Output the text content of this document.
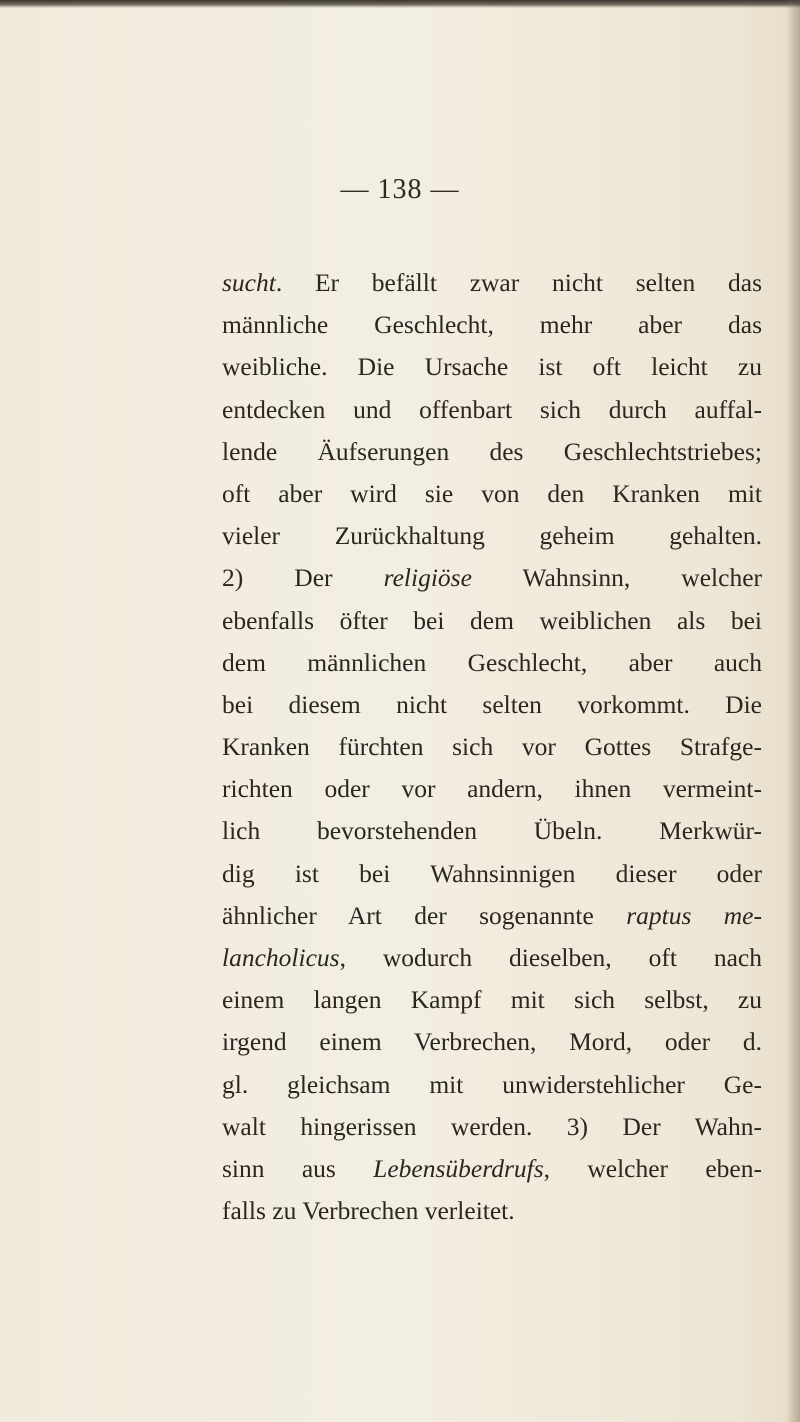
— 138 —
sucht. Er befällt zwar nicht selten das
männliche Geschlecht, mehr aber das
weibliche. Die Ursache ist oft leicht zu
entdecken und offenbart sich durch auffal-
lende Äufserungen des Geschlechtstriebes;
oft aber wird sie von den Kranken mit
vieler Zurückhaltung geheim gehalten.
2) Der religiöse Wahnsinn, welcher
ebenfalls öfter bei dem weiblichen als bei
dem männlichen Geschlecht, aber auch
bei diesem nicht selten vorkommt. Die
Kranken fürchten sich vor Gottes Strafge-
richten oder vor andern, ihnen vermeint-
lich bevorstehenden Übeln. Merkwür-
dig ist bei Wahnsinnigen dieser oder
ähnlicher Art der sogenannte raptus me-
lancholicus, wodurch dieselben, oft nach
einem langen Kampf mit sich selbst, zu
irgend einem Verbrechen, Mord, oder d.
gl. gleichsam mit unwiderstehlicher Ge-
walt hingerissen werden. 3) Der Wahn-
sinn aus Lebensüberdrufs, welcher eben-
falls zu Verbrechen verleitet.
